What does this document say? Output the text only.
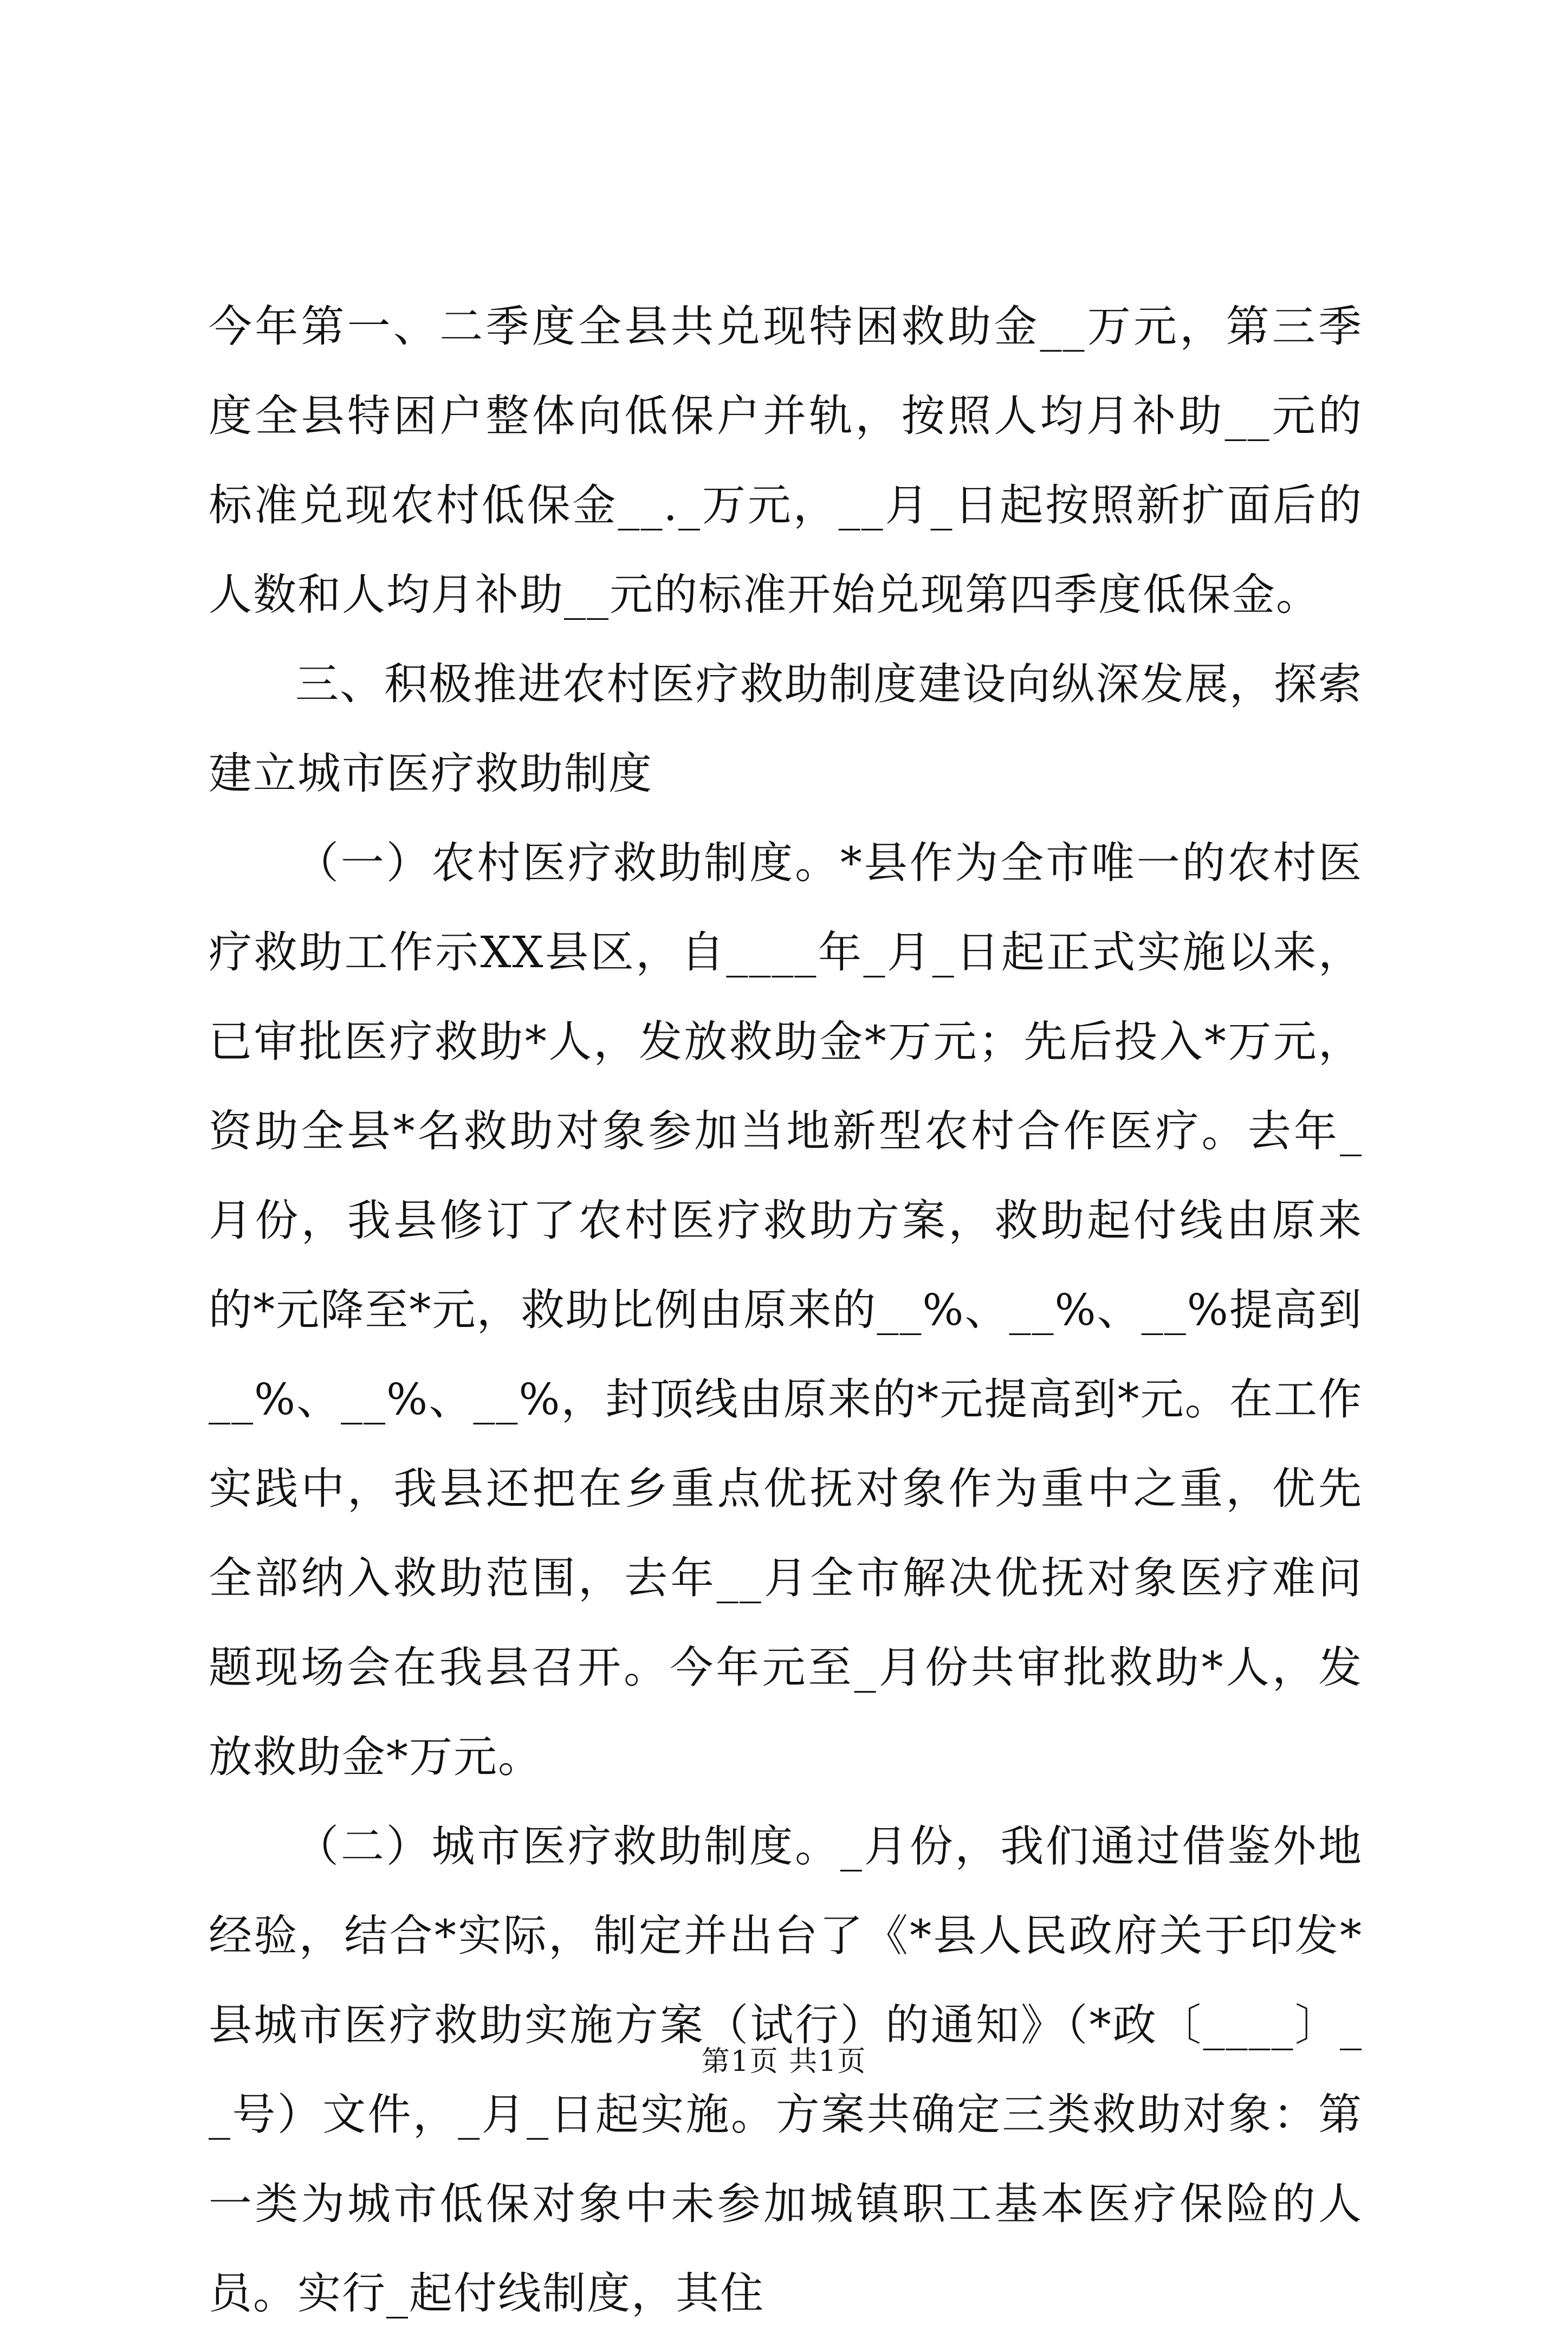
今年第一、二季度全县共兑现特困救助金__万元，第三季度全县特困户整体向低保户并轨，按照人均月补助__元的标准兑现农村低保金__._万元，__月_日起按照新扩面后的人数和人均月补助__元的标准开始兑现第四季度低保金。

三、积极推进农村医疗救助制度建设向纵深发展，探索建立城市医疗救助制度

（一）农村医疗救助制度。*县作为全市唯一的农村医疗救助工作示XX县区，自____年_月_日起正式实施以来，已审批医疗救助*人，发放救助金*万元；先后投入*万元，资助全县*名救助对象参加当地新型农村合作医疗。去年_月份，我县修订了农村医疗救助方案，救助起付线由原来的*元降至*元，救助比例由原来的__%、__%、__%提高到__%、__%、__%，封顶线由原来的*元提高到*元。在工作实践中，我县还把在乡重点优抚对象作为重中之重，优先全部纳入救助范围，去年__月全市解决优抚对象医疗难问题现场会在我县召开。今年元至_月份共审批救助*人，发放救助金*万元。

（二）城市医疗救助制度。_月份，我们通过借鉴外地经验，结合*实际，制定并出台了《*县人民政府关于印发*县城市医疗救助实施方案（试行）的通知》（*政〔____〕__号）文件，_月_日起实施。方案共确定三类救助对象：第一类为城市低保对象中未参加城镇职工基本医疗保险的人员。实行_起付线制度，其住

第1页 共1页
